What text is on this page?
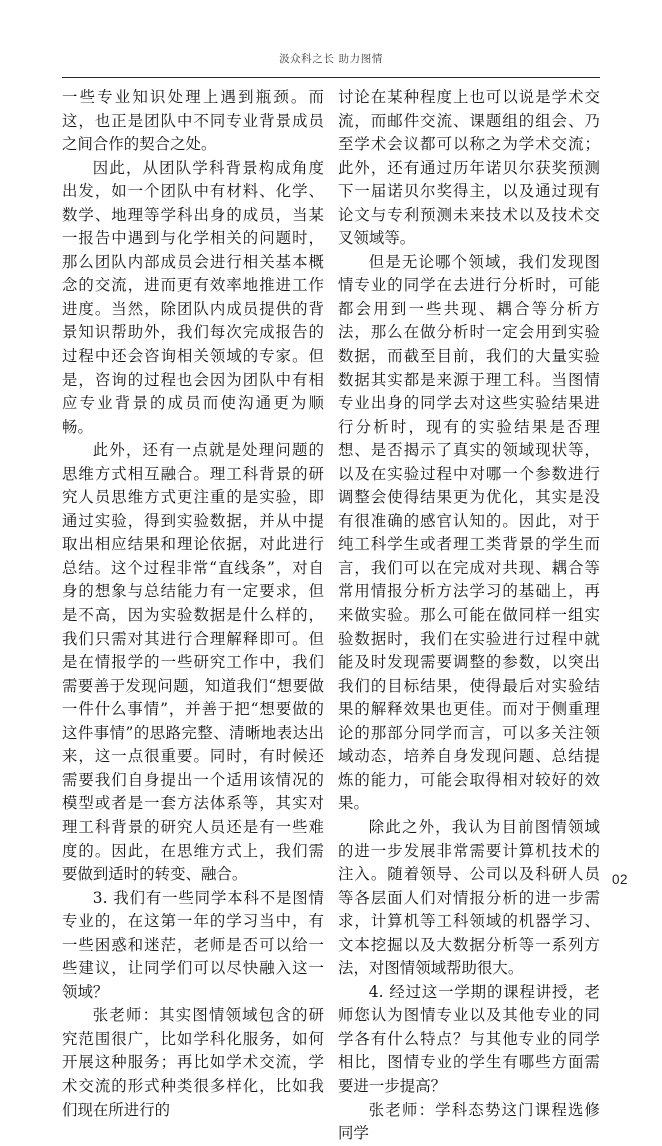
汲众科之长 助力图情

一些专业知识处理上遇到瓶颈。而这，也正是团队中不同专业背景成员之间合作的契合之处。

因此，从团队学科背景构成角度出发，如一个团队中有材料、化学、数学、地理等学科出身的成员，当某一报告中遇到与化学相关的问题时，那么团队内部成员会进行相关基本概念的交流，进而更有效率地推进工作进度。当然，除团队内成员提供的背景知识帮助外，我们每次完成报告的过程中还会咨询相关领域的专家。但是，咨询的过程也会因为团队中有相应专业背景的成员而使沟通更为顺畅。

此外，还有一点就是处理问题的思维方式相互融合。理工科背景的研究人员思维方式更注重的是实验，即通过实验，得到实验数据，并从中提取出相应结果和理论依据，对此进行总结。这个过程非常“直线条”，对自身的想象与总结能力有一定要求，但是不高，因为实验数据是什么样的，我们只需对其进行合理解释即可。但是在情报学的一些研究工作中，我们需要善于发现问题，知道我们“想要做一件什么事情”，并善于把“想要做的这件事情”的思路完整、清晰地表达出来，这一点很重要。同时，有时候还需要我们自身提出一个适用该情况的模型或者是一套方法体系等，其实对理工科背景的研究人员还是有一些难度的。因此，在思维方式上，我们需要做到适时的转变、融合。

3. 我们有一些同学本科不是图情专业的，在这第一年的学习当中，有一些困惑和迷茫，老师是否可以给一些建议，让同学们可以尽快融入这一领域？

张老师：其实图情领域包含的研究范围很广，比如学科化服务，如何开展这种服务；再比如学术交流，学术交流的形式种类很多样化，比如我们现在所进行的

讨论在某种程度上也可以说是学术交流，而邮件交流、课题组的组会、乃至学术会议都可以称之为学术交流；此外，还有通过历年诺贝尔获奖预测下一届诺贝尔奖得主，以及通过现有论文与专利预测未来技术以及技术交叉领域等。

但是无论哪个领域，我们发现图情专业的同学在去进行分析时，可能都会用到一些共现、耦合等分析方法，那么在做分析时一定会用到实验数据，而截至目前，我们的大量实验数据其实都是来源于理工科。当图情专业出身的同学去对这些实验结果进行分析时，现有的实验结果是否理想、是否揭示了真实的领域现状等，以及在实验过程中对哪一个参数进行调整会使得结果更为优化，其实是没有很准确的感官认知的。因此，对于纯工科学生或者理工类背景的学生而言，我们可以在完成对共现、耦合等常用情报分析方法学习的基础上，再来做实验。那么可能在做同样一组实验数据时，我们在实验进行过程中就能及时发现需要调整的参数，以突出我们的目标结果，使得最后对实验结果的解释效果也更佳。而对于侧重理论的那部分同学而言，可以多关注领域动态，培养自身发现问题、总结提炼的能力，可能会取得相对较好的效果。

除此之外，我认为目前图情领域的进一步发展非常需要计算机技术的注入。随着领导、公司以及科研人员等各层面人们对情报分析的进一步需求，计算机等工科领域的机器学习、文本挖掘以及大数据分析等一系列方法，对图情领域帮助很大。

4. 经过这一学期的课程讲授，老师您认为图情专业以及其他专业的同学各有什么特点？与其他专业的同学相比，图情专业的学生有哪些方面需要进一步提高？

张老师：学科态势这门课程选修同学

02
